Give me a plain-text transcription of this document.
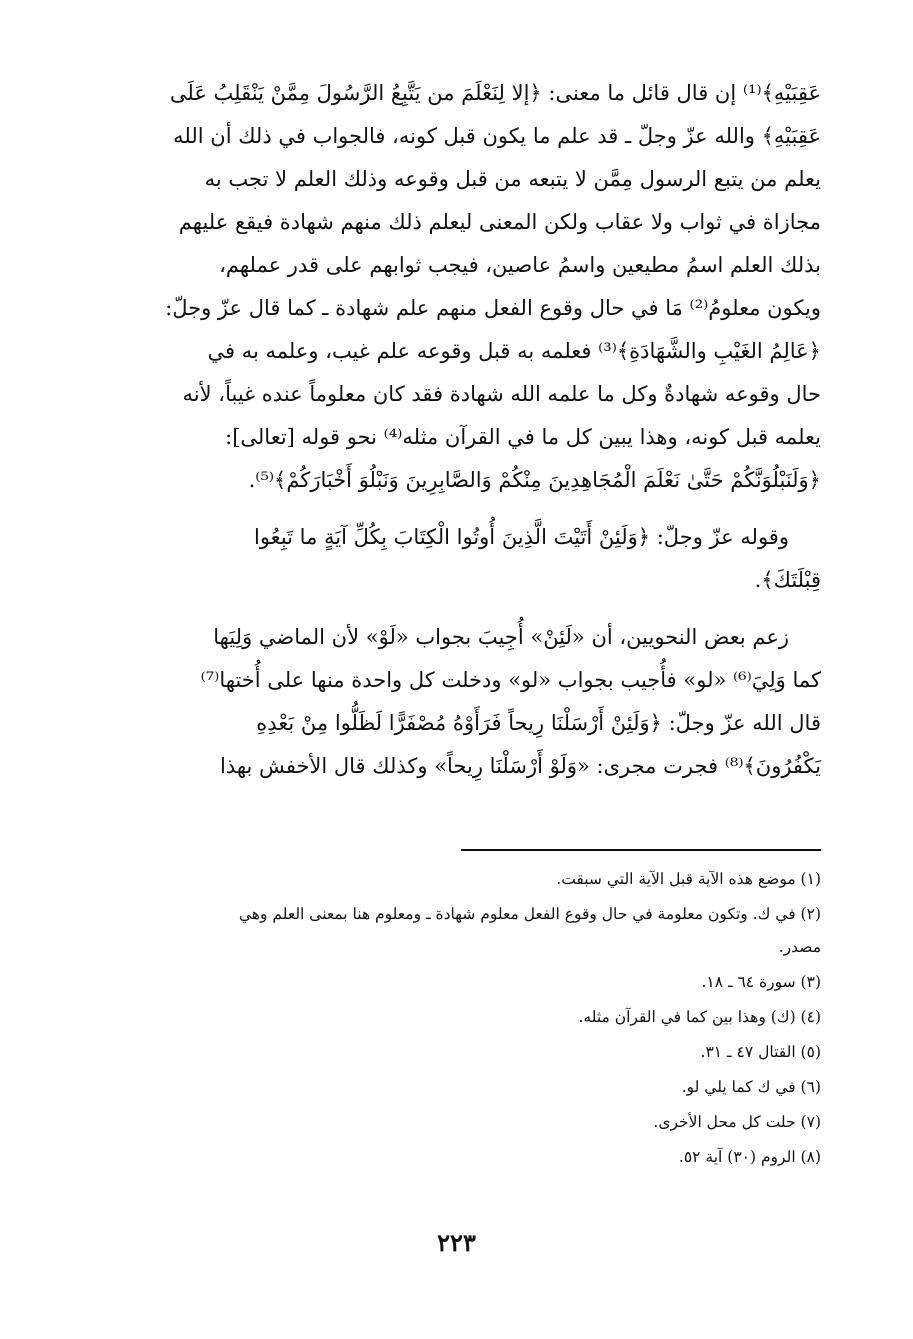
عَقِبَيْهِ﴾⁽¹⁾ إن قال قائل ما معنى: ﴿إلا لِنَعْلَمَ من يَتَّبِعُ الرَّسُولَ مِمَّنْ يَنْقَلِبُ عَلَى

عَقِبَيْهِ﴾ والله عزّ وجلّ ـ قد علم ما يكون قبل كونه، فالجواب في ذلك أن الله

يعلم من يتبع الرسول مِمَّن لا يتبعه من قبل وقوعه وذلك العلم لا تجب به

مجازاة في ثواب ولا عقاب ولكن المعنى ليعلم ذلك منهم شهادة فيقع عليهم

بذلك العلم اسمُ مطيعين واسمُ عاصين، فيجب ثوابهم على قدر عملهم،

ويكون معلومُ⁽²⁾ مَا في حال وقوع الفعل منهم علم شهادة ـ كما قال عزّ وجلّ:

﴿عَالِمُ الغَيْبِ والشَّهَادَةِ﴾⁽³⁾ فعلمه به قبل وقوعه علم غيب، وعلمه به في

حال وقوعه شهادةٌ وكل ما علمه الله شهادة فقد كان معلوماً عنده غيباً، لأنه

يعلمه قبل كونه، وهذا يبين كل ما في القرآن مثله⁽⁴⁾ نحو قوله [تعالى]:

﴿وَلَنَبْلُوَنَّكُمْ حَتَّىٰ نَعْلَمَ الْمُجَاهِدِينَ مِنْكُمْ وَالصَّابِرِينَ وَنَبْلُوَ أَخْبَارَكُمْ﴾⁽⁵⁾.

وقوله عزّ وجلّ: ﴿وَلَئِنْ أَتَيْتَ الَّذِينَ أُوتُوا الْكِتَابَ بِكُلِّ آيَةٍ ما تَبِعُوا

قِبْلَتَكَ﴾.

زعم بعض النحويين، أن «لَئِنْ» أُجِيبَ بجواب «لَوْ» لأن الماضي وَلِيَها

كما وَلِيَ⁽⁶⁾ «لو» فأُجيب بجواب «لو» ودخلت كل واحدة منها على أُختها⁽⁷⁾

قال الله عزّ وجلّ: ﴿وَلَئِنْ أَرْسَلْنَا رِيحاً فَرَأَوْهُ مُصْفَرًّا لَظَلُّوا مِنْ بَعْدِهِ

يَكْفُرُونَ﴾⁽⁸⁾ فجرت مجرى: «وَلَوْ أَرْسَلْنَا رِيحاً» وكذلك قال الأخفش بهذا

(١) موضع هذه الآية قبل الآية التي سبقت.

(٢) في ك. وتكون معلومة في حال وقوع الفعل معلوم شهادة ـ ومعلوم هنا بمعنى العلم وهي

مصدر.

(٣) سورة ٦٤ ـ ١٨.

(٤) (ك) وهذا بين كما في القرآن مثله.

(٥) القتال ٤٧ ـ ٣١.

(٦) في ك كما يلي لو.

(٧) حلت كل محل الأخرى.

(٨) الروم (٣٠) آية ٥٢.

٢٢٣
